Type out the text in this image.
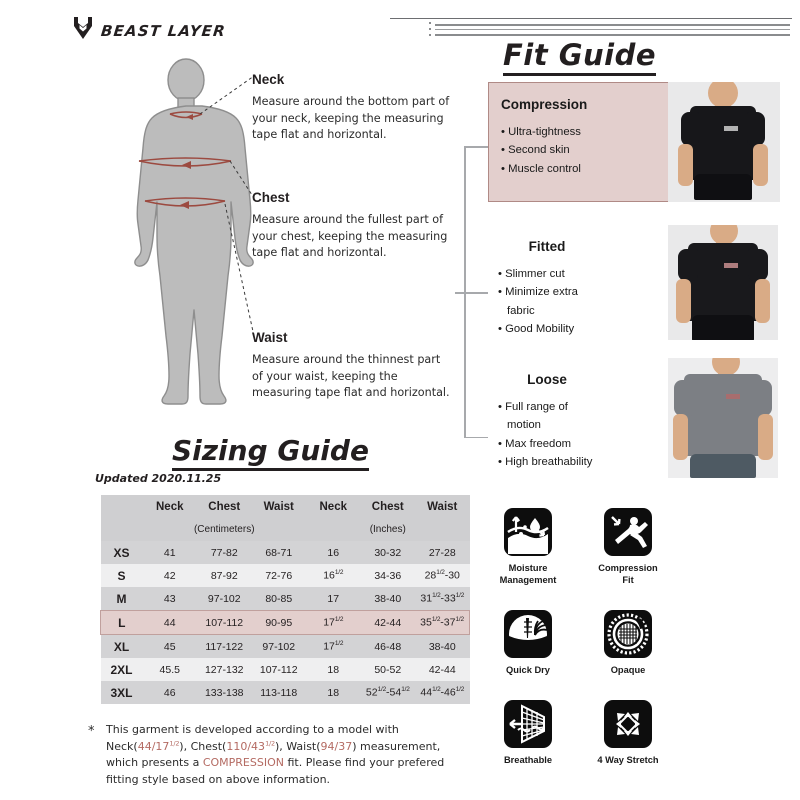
BEAST LAYER
Neck

Measure around the bottom part of your neck, keeping the measuring tape flat and horizontal.

Chest

Measure around the fullest part of your chest, keeping the measuring tape flat and horizontal.

Waist

Measure around the thinnest part of your waist, keeping the measuring tape flat and horizontal.

Fit Guide
Compression
• Ultra-tightness
• Second skin
• Muscle control
Fitted
• Slimmer cut
• Minimize extra
fabric
• Good Mobility
Loose
• Full range of
motion
• Max freedom
• High breathability
Sizing Guide
Updated 2020.11.25
	Neck	Chest	Waist	Neck	Chest	Waist
	(Centimeters)			(Inches)		
XS	41	77-82	68-71	16	30-32	27-28
S	42	87-92	72-76	$16^{1/2}$	34-36	$28^{1/2}-30$
M	43	97-102	80-85	17	38-40	$31^{1/2}-33^{1/2}$
L	44	107-112	90-95	$17^{1/2}$	42-44	$35^{1/2}-37^{1/2}$
XL	45	117-122	97-102	$17^{1/2}$	46-48	38-40
2XL	45.5	127-132	107-112	18	50-52	42-44
3XL	46	133-138	113-118	18	$52^{1/2}-54^{1/2}$	$44^{1/2}-46^{1/2}$
*	This garment is developed according to a model with
$Neck(44/17^{1/2})$, $Chest(110/43^{1/2})$, Waist(94/37) measurement,
which presents a COMPRESSION fit. Please find your prefered
fitting style based on above information.
Moisture
Management
Compression
Fit
Quick Dry	Opaque
Breathable	4 Way Stretch
